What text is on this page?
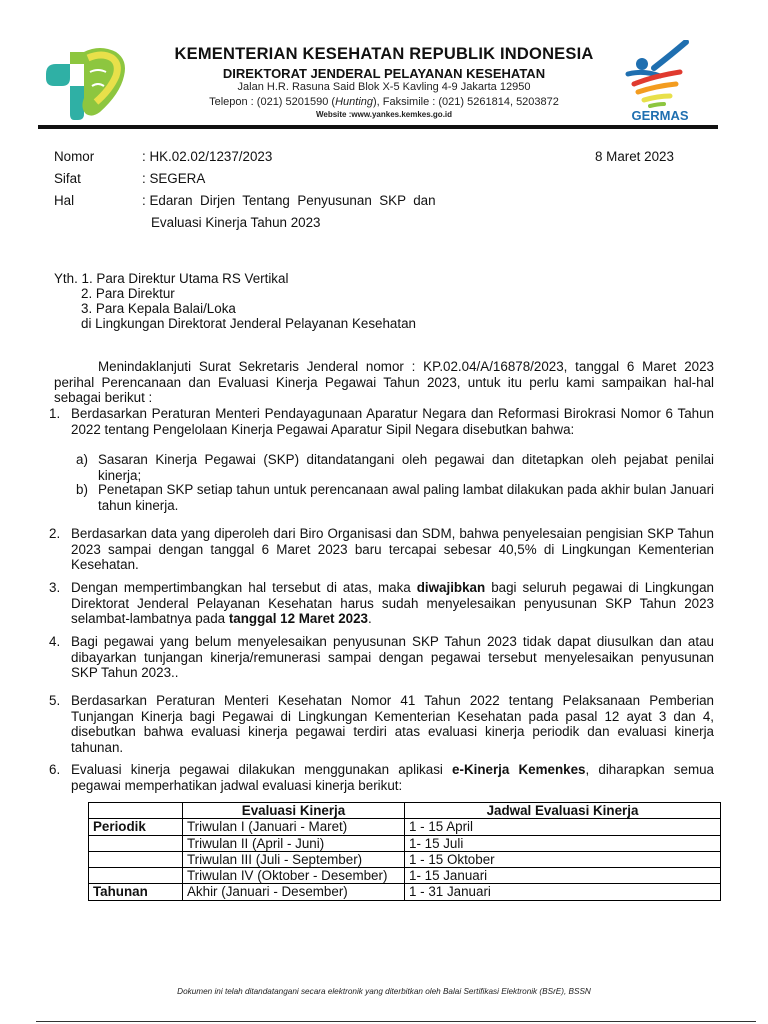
KEMENTERIAN KESEHATAN REPUBLIK INDONESIA
DIREKTORAT JENDERAL PELAYANAN KESEHATAN
Jalan H.R. Rasuna Said Blok X-5 Kavling 4-9 Jakarta 12950
Telepon : (021) 5201590 (Hunting), Faksimile : (021) 5261814, 5203872
Website :www.yankes.kemkes.go.id	GERMAS
Nomor	: HK.02.02/1237/2023	8 Maret 2023
Sifat	: SEGERA
Hal	: Edaran  Dirjen  Tentang  Penyusunan  SKP  dan
Evaluasi Kinerja Tahun 2023
Yth. 1. Para Direktur Utama RS Vertikal
2. Para Direktur
3. Para Kepala Balai/Loka
di Lingkungan Direktorat Jenderal Pelayanan Kesehatan
Menindaklanjuti Surat Sekretaris Jenderal nomor : KP.02.04/A/16878/2023, tanggal 6 Maret 2023 perihal Perencanaan dan Evaluasi Kinerja Pegawai Tahun 2023, untuk itu perlu kami sampaikan hal-hal sebagai berikut :
1. Berdasarkan Peraturan Menteri Pendayagunaan Aparatur Negara dan Reformasi Birokrasi Nomor 6 Tahun 2022 tentang Pengelolaan Kinerja Pegawai Aparatur Sipil Negara disebutkan bahwa:
a) Sasaran Kinerja Pegawai (SKP) ditandatangani oleh pegawai dan ditetapkan oleh pejabat penilai kinerja;
b) Penetapan SKP setiap tahun untuk perencanaan awal paling lambat dilakukan pada akhir bulan Januari tahun kinerja.
2. Berdasarkan data yang diperoleh dari Biro Organisasi dan SDM, bahwa penyelesaian pengisian SKP Tahun 2023 sampai dengan tanggal 6 Maret 2023 baru tercapai sebesar 40,5% di Lingkungan Kementerian Kesehatan.
3. Dengan mempertimbangkan hal tersebut di atas, maka diwajibkan bagi seluruh pegawai di Lingkungan Direktorat Jenderal Pelayanan Kesehatan harus sudah menyelesaikan penyusunan SKP Tahun 2023 selambat-lambatnya pada tanggal 12 Maret 2023.
4. Bagi pegawai yang belum menyelesaikan penyusunan SKP Tahun 2023 tidak dapat diusulkan dan atau dibayarkan tunjangan kinerja/remunerasi sampai dengan pegawai tersebut menyelesaikan penyusunan SKP Tahun 2023..
5. Berdasarkan Peraturan Menteri Kesehatan Nomor 41 Tahun 2022 tentang Pelaksanaan Pemberian Tunjangan Kinerja bagi Pegawai di Lingkungan Kementerian Kesehatan pada pasal 12 ayat 3 dan 4, disebutkan bahwa evaluasi kinerja pegawai terdiri atas evaluasi kinerja periodik dan evaluasi kinerja tahunan.
6. Evaluasi kinerja pegawai dilakukan menggunakan aplikasi e-Kinerja Kemenkes, diharapkan semua pegawai memperhatikan jadwal evaluasi kinerja berikut:
	Evaluasi Kinerja	Jadwal Evaluasi Kinerja
Periodik	Triwulan I (Januari - Maret)	1 - 15 April
	Triwulan II (April - Juni)	1- 15 Juli
	Triwulan III (Juli - September)	1 - 15 Oktober
	Triwulan IV (Oktober - Desember)	1- 15 Januari
Tahunan	Akhir (Januari - Desember)	1 - 31 Januari
Dokumen ini telah ditandatangani secara elektronik yang diterbitkan oleh Balai Sertifikasi Elektronik (BSrE), BSSN
